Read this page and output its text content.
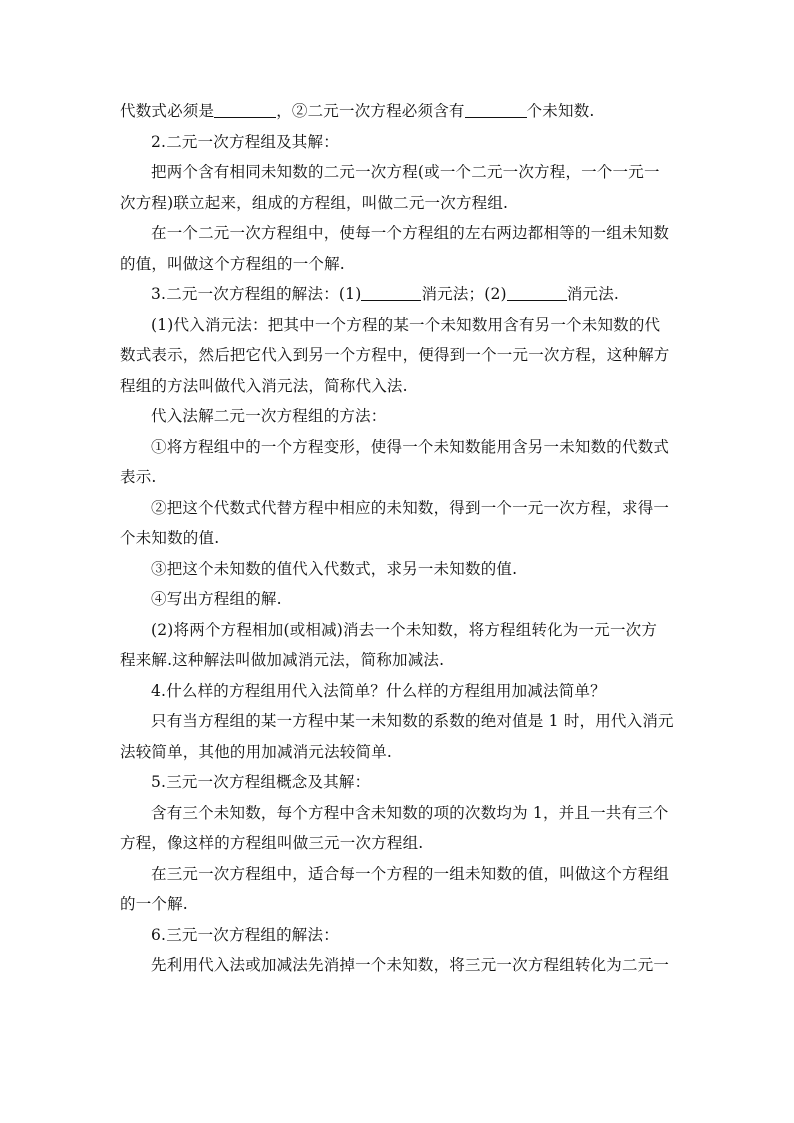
代数式必须是	，②二元一次方程必须含有	个未知数.
2.二元一次方程组及其解：
把两个含有相同未知数的二元一次方程(或一个二元一次方程，一个一元一
次方程)联立起来，组成的方程组，叫做二元一次方程组.
在一个二元一次方程组中，使每一个方程组的左右两边都相等的一组未知数
的值，叫做这个方程组的一个解.
3.二元一次方程组的解法：(1)	消元法；(2)	消元法.
(1)代入消元法：把其中一个方程的某一个未知数用含有另一个未知数的代
数式表示，然后把它代入到另一个方程中，便得到一个一元一次方程，这种解方
程组的方法叫做代入消元法，简称代入法.
代入法解二元一次方程组的方法：
①将方程组中的一个方程变形，使得一个未知数能用含另一未知数的代数式
表示.
②把这个代数式代替方程中相应的未知数，得到一个一元一次方程，求得一
个未知数的值.
③把这个未知数的值代入代数式，求另一未知数的值.
④写出方程组的解.
(2)将两个方程相加(或相减)消去一个未知数，将方程组转化为一元一次方
程来解.这种解法叫做加减消元法，简称加减法.
4.什么样的方程组用代入法简单？什么样的方程组用加减法简单？
只有当方程组的某一方程中某一未知数的系数的绝对值是 1 时，用代入消元
法较简单，其他的用加减消元法较简单.
5.三元一次方程组概念及其解：
含有三个未知数，每个方程中含未知数的项的次数均为 1，并且一共有三个
方程，像这样的方程组叫做三元一次方程组.
在三元一次方程组中，适合每一个方程的一组未知数的值，叫做这个方程组
的一个解.
6.三元一次方程组的解法：
先利用代入法或加减法先消掉一个未知数，将三元一次方程组转化为二元一
